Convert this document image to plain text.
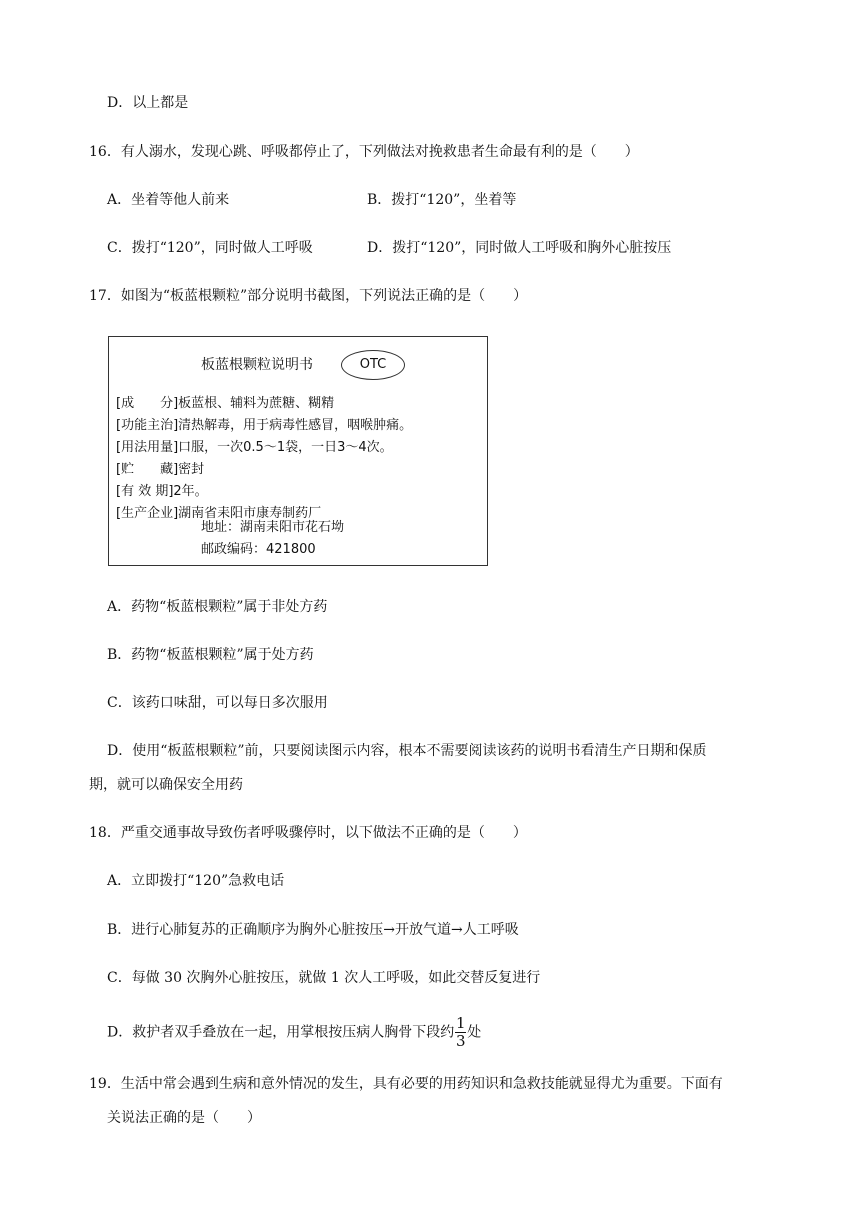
D．以上都是
16．有人溺水，发现心跳、呼吸都停止了，下列做法对挽救患者生命最有利的是（　　）
A．坐着等他人前来	B．拨打“120”，坐着等
C．拨打“120”，同时做人工呼吸	D．拨打“120”，同时做人工呼吸和胸外心脏按压
17．如图为“板蓝根颗粒”部分说明书截图，下列说法正确的是（　　）
板蓝根颗粒说明书	OTC
[成　　分]板蓝根、辅料为蔗糖、糊精
[功能主治]清热解毒，用于病毒性感冒，咽喉肿痛。
[用法用量]口服，一次0.5～1袋，一日3～4次。
[贮　　藏]密封
[有 效 期]2年。
[生产企业]湖南省耒阳市康寿制药厂
地址：湖南耒阳市花石坳
邮政编码：421800
A．药物“板蓝根颗粒”属于非处方药
B．药物“板蓝根颗粒”属于处方药
C．该药口味甜，可以每日多次服用
D．使用“板蓝根颗粒”前，只要阅读图示内容，根本不需要阅读该药的说明书看清生产日期和保质
期，就可以确保安全用药
18．严重交通事故导致伤者呼吸骤停时，以下做法不正确的是（　　）
A．立即拨打“120”急救电话
B．进行心肺复苏的正确顺序为胸外心脏按压→开放气道→人工呼吸
C．每做 30 次胸外心脏按压，就做 1 次人工呼吸，如此交替反复进行
D．救护者双手叠放在一起，用掌根按压病人胸骨下段约 $\frac{1}{3}$ 处
19．生活中常会遇到生病和意外情况的发生，具有必要的用药知识和急救技能就显得尤为重要。下面有
关说法正确的是（　　）
